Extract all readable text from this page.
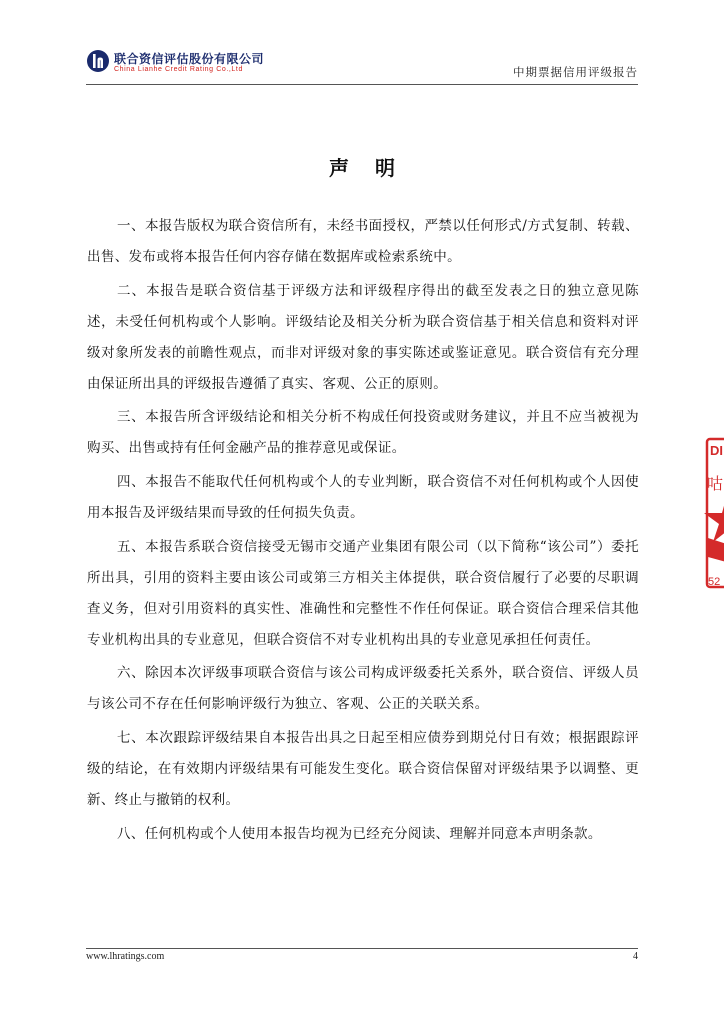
联合资信评估股份有限公司
China Lianhe Credit Rating Co.,Ltd	中期票据信用评级报告
声明

一、本报告版权为联合资信所有，未经书面授权，严禁以任何形式/方式复制、转载、出售、发布或将本报告任何内容存储在数据库或检索系统中。

二、本报告是联合资信基于评级方法和评级程序得出的截至发表之日的独立意见陈述，未受任何机构或个人影响。评级结论及相关分析为联合资信基于相关信息和资料对评级对象所发表的前瞻性观点，而非对评级对象的事实陈述或鉴证意见。联合资信有充分理由保证所出具的评级报告遵循了真实、客观、公正的原则。

三、本报告所含评级结论和相关分析不构成任何投资或财务建议，并且不应当被视为购买、出售或持有任何金融产品的推荐意见或保证。

四、本报告不能取代任何机构或个人的专业判断，联合资信不对任何机构或个人因使用本报告及评级结果而导致的任何损失负责。

五、本报告系联合资信接受无锡市交通产业集团有限公司（以下简称“该公司”）委托所出具，引用的资料主要由该公司或第三方相关主体提供，联合资信履行了必要的尽职调查义务，但对引用资料的真实性、准确性和完整性不作任何保证。联合资信合理采信其他专业机构出具的专业意见，但联合资信不对专业机构出具的专业意见承担任何责任。

六、除因本次评级事项联合资信与该公司构成评级委托关系外，联合资信、评级人员与该公司不存在任何影响评级行为独立、客观、公正的关联关系。

七、本次跟踪评级结果自本报告出具之日起至相应债券到期兑付日有效；根据跟踪评级的结论，在有效期内评级结果有可能发生变化。联合资信保留对评级结果予以调整、更新、终止与撤销的权利。

八、任何机构或个人使用本报告均视为已经充分阅读、理解并同意本声明条款。

DI
咕
52
www.lhratings.com	4
